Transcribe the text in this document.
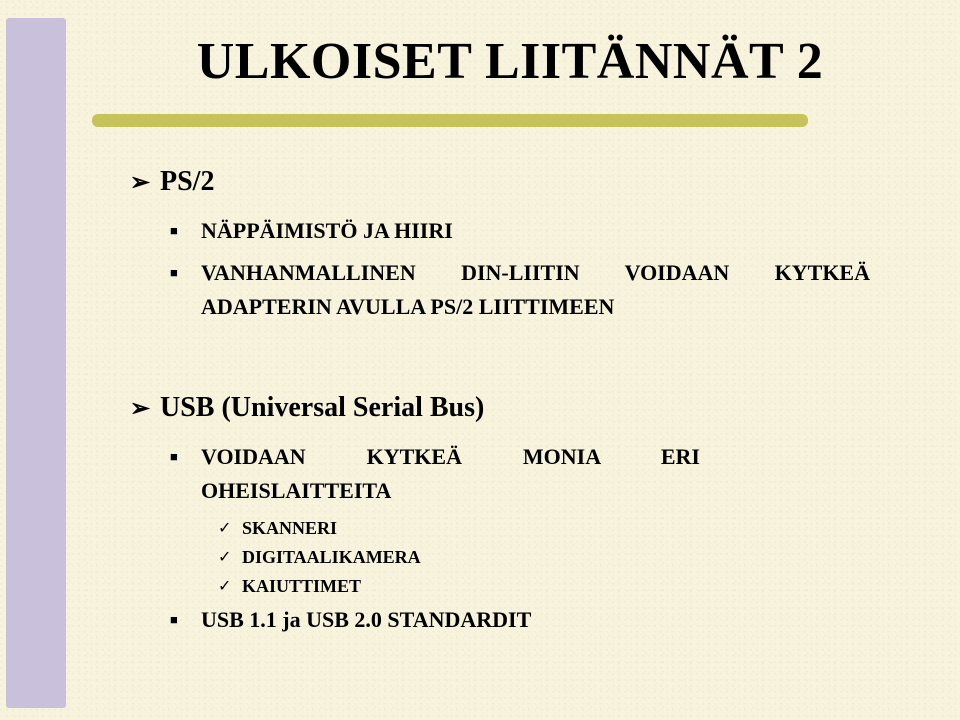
ULKOISET LIITÄNNÄT 2
➢ PS/2
■	NÄPPÄIMISTÖ JA HIIRI
■	VANHANMALLINEN DIN-LIITIN VOIDAAN KYTKEÄ ADAPTERIN AVULLA PS/2 LIITTIMEEN
➢ USB (Universal Serial Bus)
■	VOIDAAN KYTKEÄ MONIA ERI OHEISLAITTEITA
✓ SKANNERI
✓ DIGITAALIKAMERA
✓ KAIUTTIMET
■	USB 1.1 ja USB 2.0 STANDARDIT
